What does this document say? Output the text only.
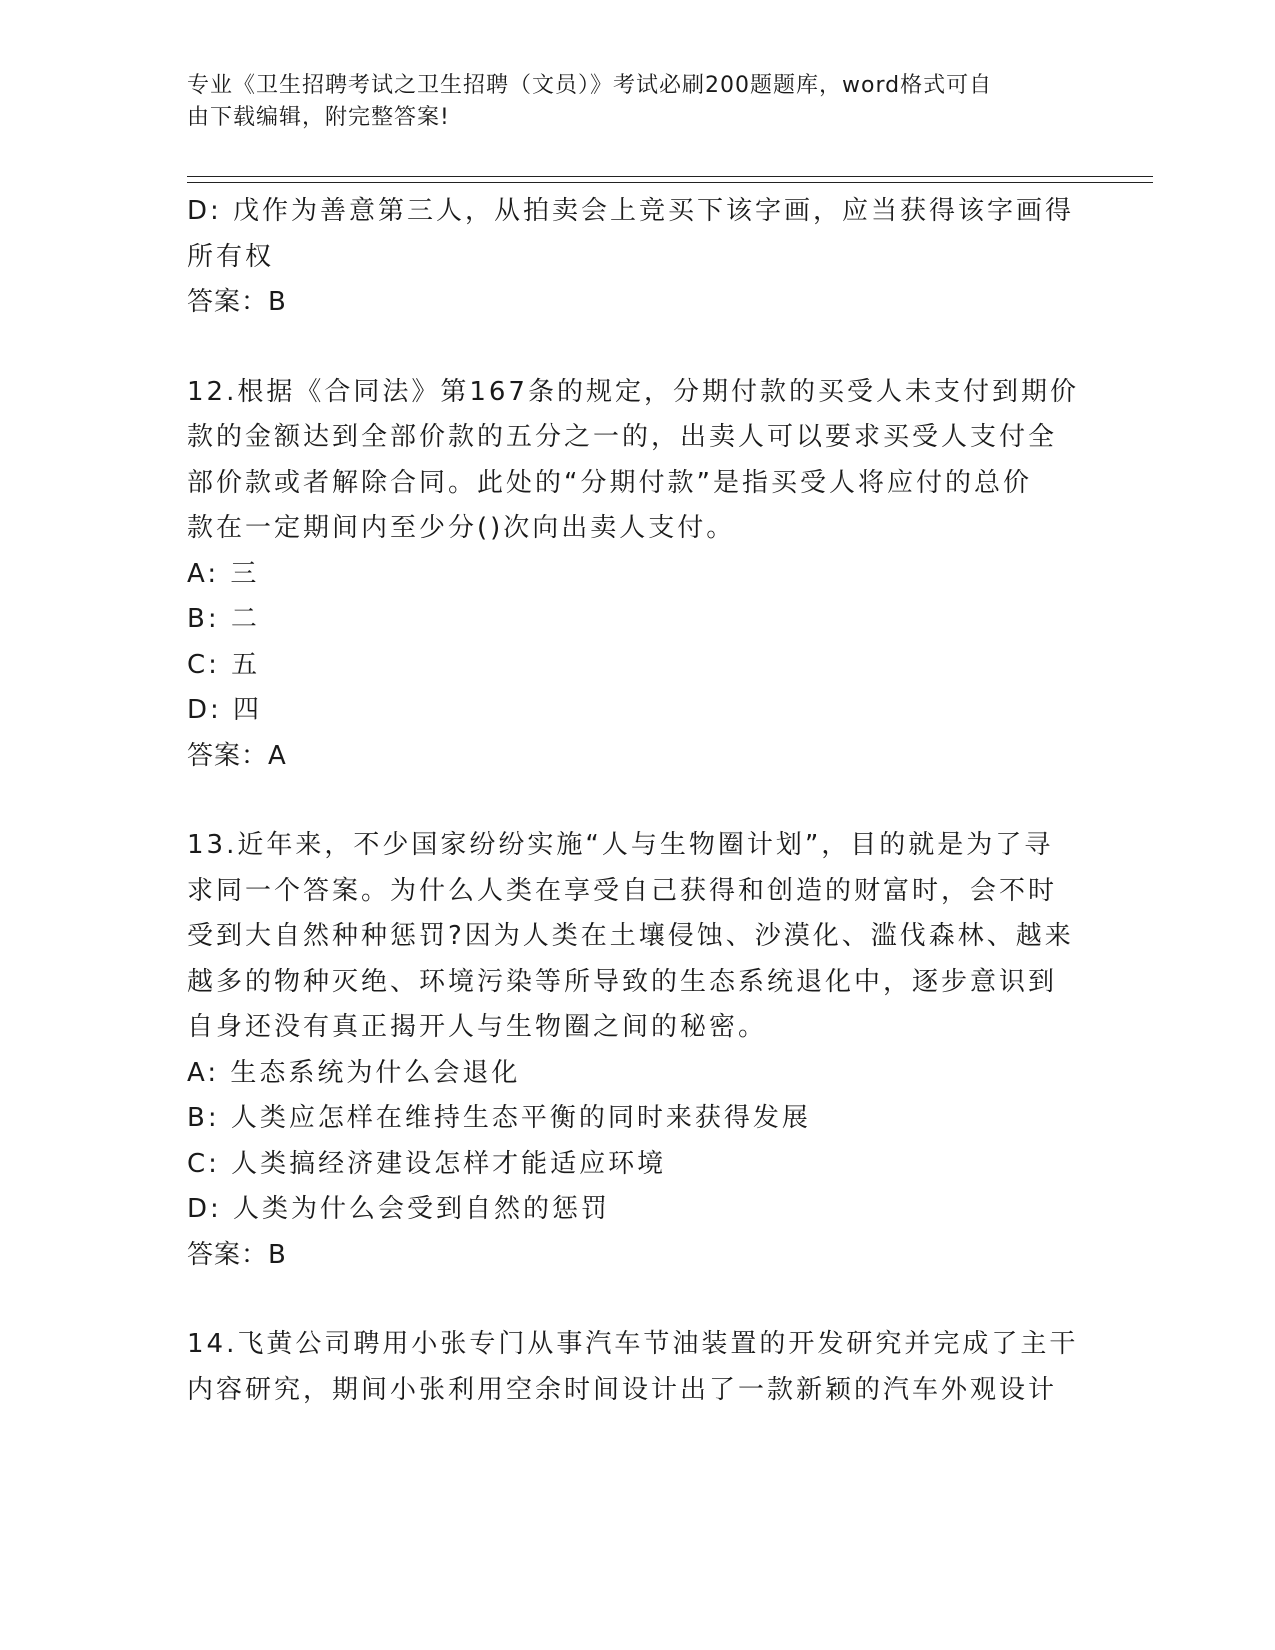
专业《卫生招聘考试之卫生招聘（文员）》考试必刷200题题库，word格式可自
由下载编辑，附完整答案!
D: 戊作为善意第三人，从拍卖会上竞买下该字画，应当获得该字画得
所有权
答案：B
12.根据《合同法》第167条的规定，分期付款的买受人未支付到期价
款的金额达到全部价款的五分之一的，出卖人可以要求买受人支付全
部价款或者解除合同。此处的“分期付款”是指买受人将应付的总价
款在一定期间内至少分()次向出卖人支付。
A: 三
B: 二
C: 五
D: 四
答案：A
13.近年来，不少国家纷纷实施“人与生物圈计划”，目的就是为了寻
求同一个答案。为什么人类在享受自己获得和创造的财富时，会不时
受到大自然种种惩罚?因为人类在土壤侵蚀、沙漠化、滥伐森林、越来
越多的物种灭绝、环境污染等所导致的生态系统退化中，逐步意识到
自身还没有真正揭开人与生物圈之间的秘密。
A: 生态系统为什么会退化
B: 人类应怎样在维持生态平衡的同时来获得发展
C: 人类搞经济建设怎样才能适应环境
D: 人类为什么会受到自然的惩罚
答案：B
14.飞黄公司聘用小张专门从事汽车节油装置的开发研究并完成了主干
内容研究，期间小张利用空余时间设计出了一款新颖的汽车外观设计
